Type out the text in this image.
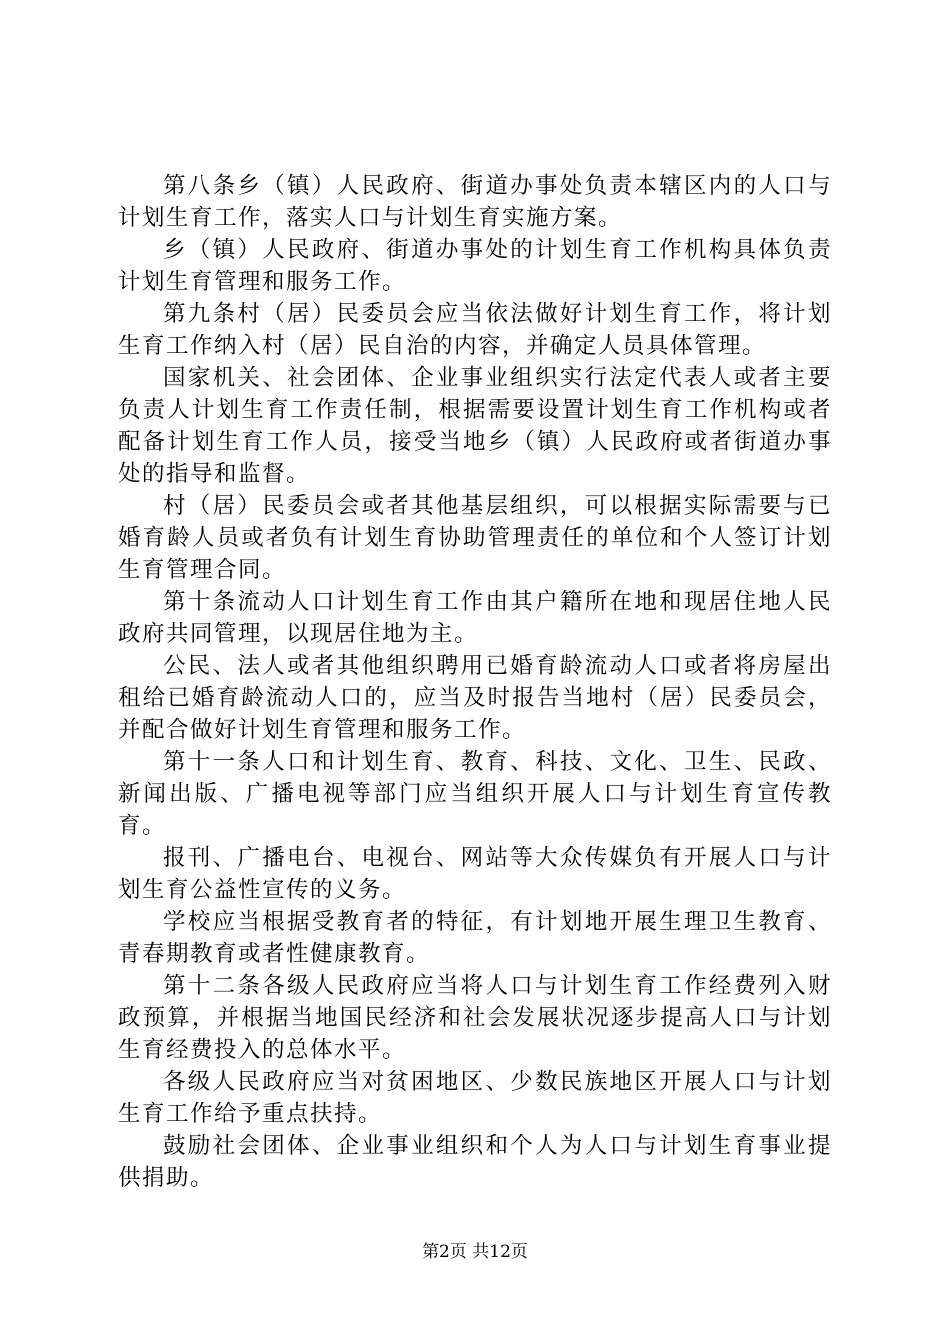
第八条乡（镇）人民政府、街道办事处负责本辖区内的人口与计划生育工作，落实人口与计划生育实施方案。

乡（镇）人民政府、街道办事处的计划生育工作机构具体负责计划生育管理和服务工作。

第九条村（居）民委员会应当依法做好计划生育工作，将计划生育工作纳入村（居）民自治的内容，并确定人员具体管理。

国家机关、社会团体、企业事业组织实行法定代表人或者主要负责人计划生育工作责任制，根据需要设置计划生育工作机构或者配备计划生育工作人员，接受当地乡（镇）人民政府或者街道办事处的指导和监督。

村（居）民委员会或者其他基层组织，可以根据实际需要与已婚育龄人员或者负有计划生育协助管理责任的单位和个人签订计划生育管理合同。

第十条流动人口计划生育工作由其户籍所在地和现居住地人民政府共同管理，以现居住地为主。

公民、法人或者其他组织聘用已婚育龄流动人口或者将房屋出租给已婚育龄流动人口的，应当及时报告当地村（居）民委员会，并配合做好计划生育管理和服务工作。

第十一条人口和计划生育、教育、科技、文化、卫生、民政、新闻出版、广播电视等部门应当组织开展人口与计划生育宣传教育。

报刊、广播电台、电视台、网站等大众传媒负有开展人口与计划生育公益性宣传的义务。

学校应当根据受教育者的特征，有计划地开展生理卫生教育、青春期教育或者性健康教育。

第十二条各级人民政府应当将人口与计划生育工作经费列入财政预算，并根据当地国民经济和社会发展状况逐步提高人口与计划生育经费投入的总体水平。

各级人民政府应当对贫困地区、少数民族地区开展人口与计划生育工作给予重点扶持。

鼓励社会团体、企业事业组织和个人为人口与计划生育事业提供捐助。

第2页 共12页
